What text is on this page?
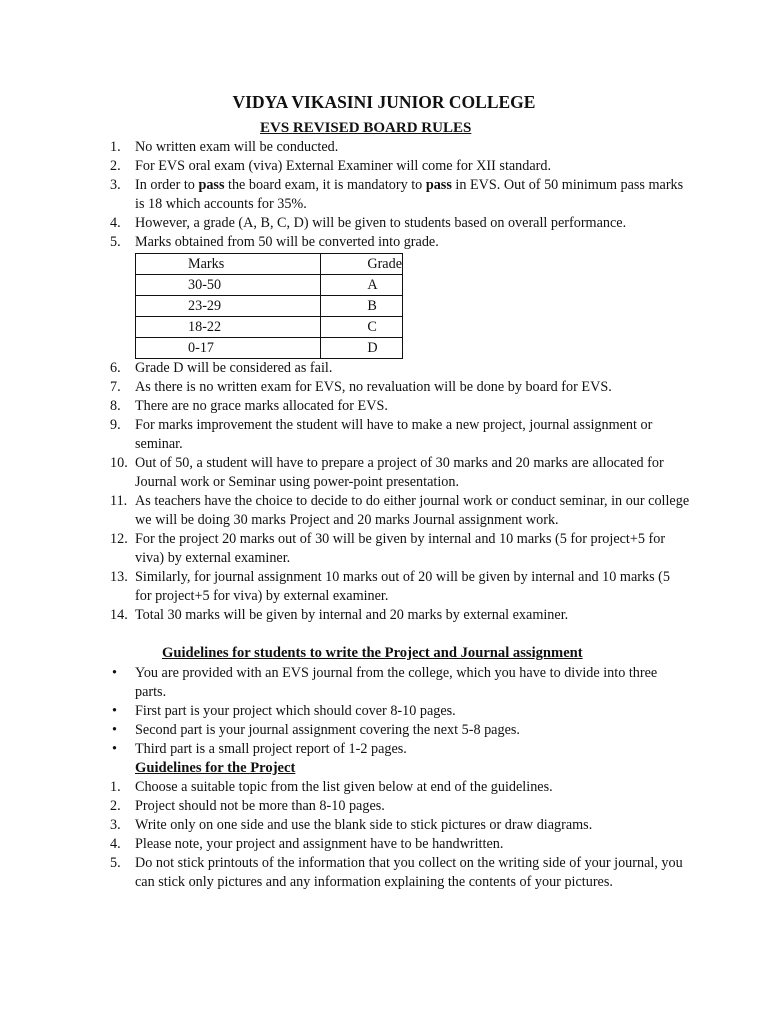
VIDYA VIKASINI JUNIOR COLLEGE
EVS REVISED BOARD RULES
1. No written exam will be conducted.
2. For EVS oral exam (viva) External Examiner will come for XII standard.
3. In order to pass the board exam, it is mandatory to pass in EVS. Out of 50 minimum pass marks is 18 which accounts for 35%.
4. However, a grade (A, B, C, D) will be given to students based on overall performance.
5. Marks obtained from 50 will be converted into grade.
Marks	Grade
30-50	A
23-29	B
18-22	C
0-17	D
6. Grade D will be considered as fail.
7. As there is no written exam for EVS, no revaluation will be done by board for EVS.
8. There are no grace marks allocated for EVS.
9. For marks improvement the student will have to make a new project, journal assignment or seminar.
10. Out of 50, a student will have to prepare a project of 30 marks and 20 marks are allocated for Journal work or Seminar using power-point presentation.
11. As teachers have the choice to decide to do either journal work or conduct seminar, in our college we will be doing 30 marks Project and 20 marks Journal assignment work.
12. For the project 20 marks out of 30 will be given by internal and 10 marks (5 for project+5 for viva) by external examiner.
13. Similarly, for journal assignment 10 marks out of 20 will be given by internal and 10 marks (5 for project+5 for viva) by external examiner.
14. Total 30 marks will be given by internal and 20 marks by external examiner.
Guidelines for students to write the Project and Journal assignment
• You are provided with an EVS journal from the college, which you have to divide into three parts.
• First part is your project which should cover 8-10 pages.
• Second part is your journal assignment covering the next 5-8 pages.
• Third part is a small project report of 1-2 pages.
Guidelines for the Project
1. Choose a suitable topic from the list given below at end of the guidelines.
2. Project should not be more than 8-10 pages.
3. Write only on one side and use the blank side to stick pictures or draw diagrams.
4. Please note, your project and assignment have to be handwritten.
5. Do not stick printouts of the information that you collect on the writing side of your journal, you can stick only pictures and any information explaining the contents of your pictures.
